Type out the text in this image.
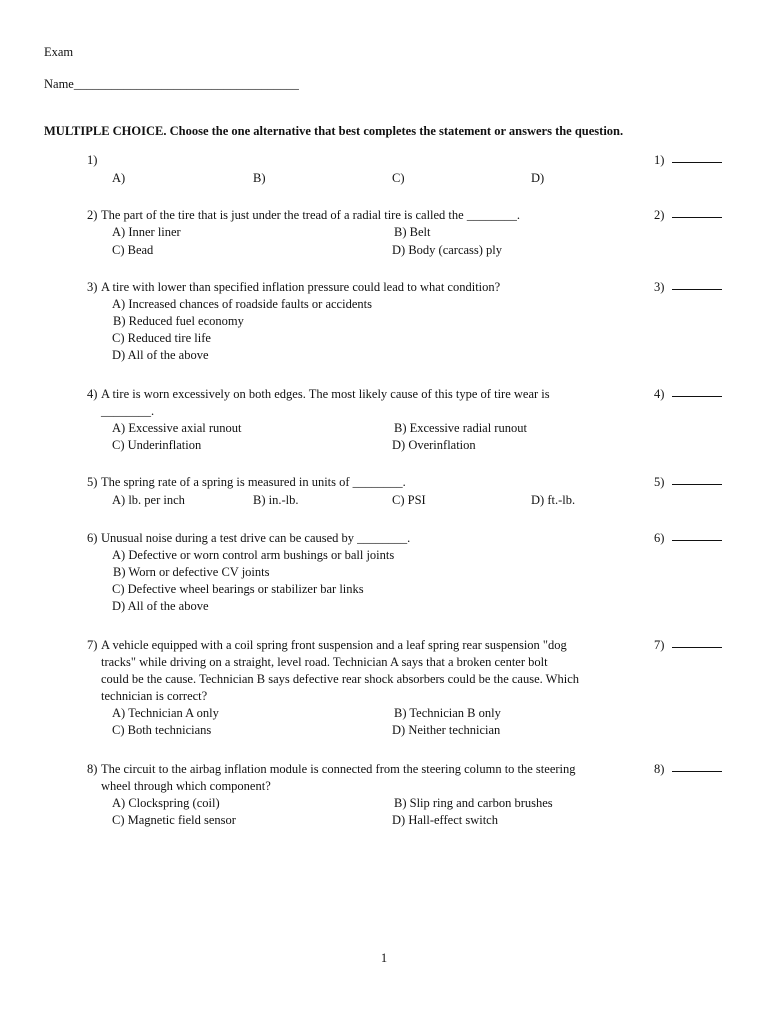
Exam
Name____________________________________
MULTIPLE CHOICE. Choose the one alternative that best completes the statement or answers the question.
1)	1)
A)	B)	C)	D)
2) The part of the tire that is just under the tread of a radial tire is called the ________.	2)
A) Inner liner	B) Belt
C) Bead	D) Body (carcass) ply
3) A tire with lower than specified inflation pressure could lead to what condition?	3)
A) Increased chances of roadside faults or accidents
B) Reduced fuel economy
C) Reduced tire life
D) All of the above
4) A tire is worn excessively on both edges. The most likely cause of this type of tire wear is
________.
4)
A) Excessive axial runout	B) Excessive radial runout
C) Underinflation	D) Overinflation
5) The spring rate of a spring is measured in units of ________.	5)
A) lb. per inch	B) in.-lb.	C) PSI	D) ft.-lb.
6) Unusual noise during a test drive can be caused by ________.	6)
A) Defective or worn control arm bushings or ball joints
B) Worn or defective CV joints
C) Defective wheel bearings or stabilizer bar links
D) All of the above
7) A vehicle equipped with a coil spring front suspension and a leaf spring rear suspension "dog
tracks" while driving on a straight, level road. Technician A says that a broken center bolt
could be the cause. Technician B says defective rear shock absorbers could be the cause. Which
technician is correct?
7)
A) Technician A only	B) Technician B only
C) Both technicians	D) Neither technician
8) The circuit to the airbag inflation module is connected from the steering column to the steering
wheel through which component?
8)
A) Clockspring (coil)	B) Slip ring and carbon brushes
C) Magnetic field sensor	D) Hall-effect switch
1
